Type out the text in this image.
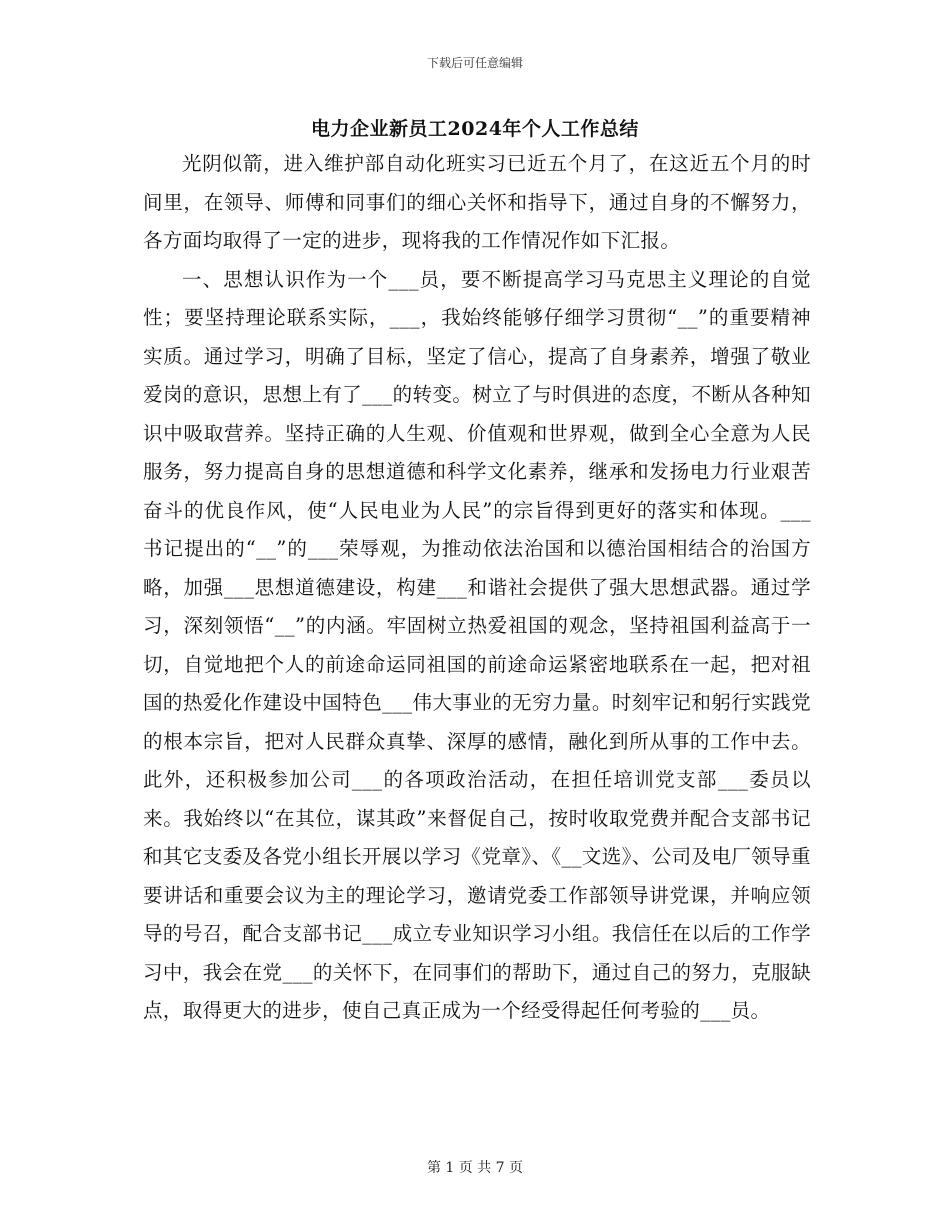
下载后可任意编辑
电力企业新员工2024年个人工作总结

光阴似箭，进入维护部自动化班实习已近五个月了，在这近五个月的时间里，在领导、师傅和同事们的细心关怀和指导下，通过自身的不懈努力，各方面均取得了一定的进步，现将我的工作情况作如下汇报。

一、思想认识作为一个___员，要不断提高学习马克思主义理论的自觉性；要坚持理论联系实际，___，我始终能够仔细学习贯彻“__”的重要精神实质。通过学习，明确了目标，坚定了信心，提高了自身素养，增强了敬业爱岗的意识，思想上有了___的转变。树立了与时俱进的态度，不断从各种知识中吸取营养。坚持正确的人生观、价值观和世界观，做到全心全意为人民服务，努力提高自身的思想道德和科学文化素养，继承和发扬电力行业艰苦奋斗的优良作风，使“人民电业为人民”的宗旨得到更好的落实和体现。___书记提出的“__”的___荣辱观，为推动依法治国和以德治国相结合的治国方略，加强___思想道德建设，构建___和谐社会提供了强大思想武器。通过学习，深刻领悟“__”的内涵。牢固树立热爱祖国的观念，坚持祖国利益高于一切，自觉地把个人的前途命运同祖国的前途命运紧密地联系在一起，把对祖国的热爱化作建设中国特色___伟大事业的无穷力量。时刻牢记和躬行实践党的根本宗旨，把对人民群众真挚、深厚的感情，融化到所从事的工作中去。此外，还积极参加公司___的各项政治活动，在担任培训党支部___委员以来。我始终以“在其位，谋其政”来督促自己，按时收取党费并配合支部书记和其它支委及各党小组长开展以学习《党章》、《__文选》、公司及电厂领导重要讲话和重要会议为主的理论学习，邀请党委工作部领导讲党课，并响应领导的号召，配合支部书记___成立专业知识学习小组。我信任在以后的工作学习中，我会在党___的关怀下，在同事们的帮助下，通过自己的努力，克服缺点，取得更大的进步，使自己真正成为一个经受得起任何考验的___员。

第 1 页 共 7 页
